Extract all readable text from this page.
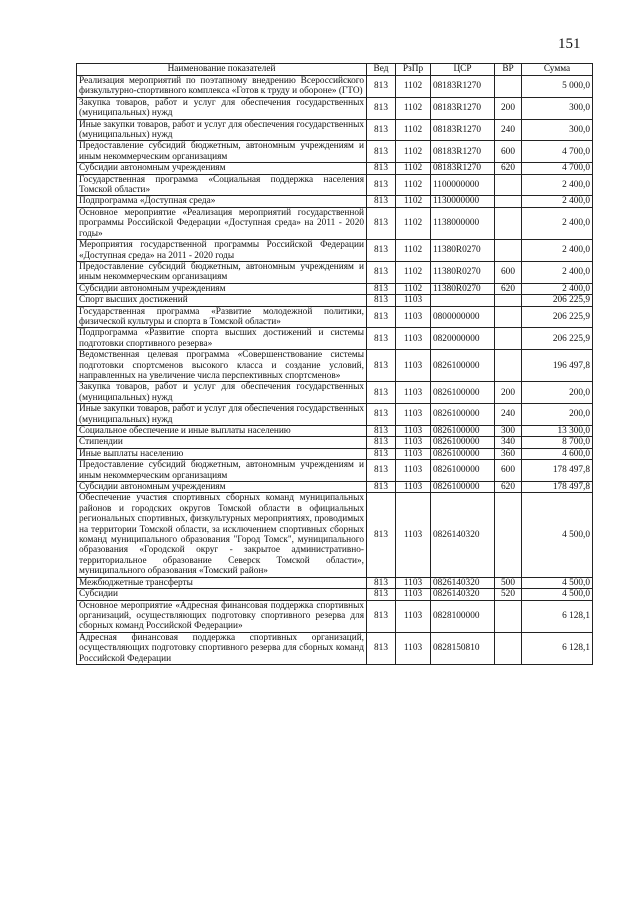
151
Наименование показателей	Вед	РзПр	ЦСР	ВР	Сумма
Реализация мероприятий по поэтапному внедрению Всероссийского физкультурно-спортивного комплекса «Готов к труду и обороне» (ГТО)	813	1102	08183R1270		5 000,0
Закупка товаров, работ и услуг для обеспечения государственных (муниципальных) нужд	813	1102	08183R1270	200	300,0
Иные закупки товаров, работ и услуг для обеспечения государственных (муниципальных) нужд	813	1102	08183R1270	240	300,0
Предоставление субсидий бюджетным, автономным учреждениям и иным некоммерческим организациям	813	1102	08183R1270	600	4 700,0
Субсидии автономным учреждениям	813	1102	08183R1270	620	4 700,0
Государственная программа «Социальная поддержка населения Томской области»	813	1102	1100000000		2 400,0
Подпрограмма «Доступная среда»	813	1102	1130000000		2 400,0
Основное мероприятие «Реализация мероприятий государственной программы Российской Федерации «Доступная среда» на 2011 - 2020 годы»	813	1102	1138000000		2 400,0
Мероприятия государственной программы Российской Федерации «Доступная среда» на 2011 - 2020 годы	813	1102	11380R0270		2 400,0
Предоставление субсидий бюджетным, автономным учреждениям и иным некоммерческим организациям	813	1102	11380R0270	600	2 400,0
Субсидии автономным учреждениям	813	1102	11380R0270	620	2 400,0
Спорт высших достижений	813	1103			206 225,9
Государственная программа «Развитие молодежной политики, физической культуры и спорта в Томской области»	813	1103	0800000000		206 225,9
Подпрограмма «Развитие спорта высших достижений и системы подготовки спортивного резерва»	813	1103	0820000000		206 225,9
Ведомственная целевая программа «Совершенствование системы подготовки спортсменов высокого класса и создание условий, направленных на увеличение числа перспективных спортсменов»	813	1103	0826100000		196 497,8
Закупка товаров, работ и услуг для обеспечения государственных (муниципальных) нужд	813	1103	0826100000	200	200,0
Иные закупки товаров, работ и услуг для обеспечения государственных (муниципальных) нужд	813	1103	0826100000	240	200,0
Социальное обеспечение и иные выплаты населению	813	1103	0826100000	300	13 300,0
Стипендии	813	1103	0826100000	340	8 700,0
Иные выплаты населению	813	1103	0826100000	360	4 600,0
Предоставление субсидий бюджетным, автономным учреждениям и иным некоммерческим организациям	813	1103	0826100000	600	178 497,8
Субсидии автономным учреждениям	813	1103	0826100000	620	178 497,8
Обеспечение участия спортивных сборных команд муниципальных районов и городских округов Томской области в официальных региональных спортивных, физкультурных мероприятиях, проводимых на территории Томской области, за исключением спортивных сборных команд муниципального образования "Город Томск", муниципального образования «Городской округ - закрытое административно-территориальное образование Северск Томской области», муниципального образования «Томский район»	813	1103	0826140320		4 500,0
Межбюджетные трансферты	813	1103	0826140320	500	4 500,0
Субсидии	813	1103	0826140320	520	4 500,0
Основное мероприятие «Адресная финансовая поддержка спортивных организаций, осуществляющих подготовку спортивного резерва для сборных команд Российской Федерации»	813	1103	0828100000		6 128,1
Адресная финансовая поддержка спортивных организаций, осуществляющих подготовку спортивного резерва для сборных команд Российской Федерации	813	1103	0828150810		6 128,1
